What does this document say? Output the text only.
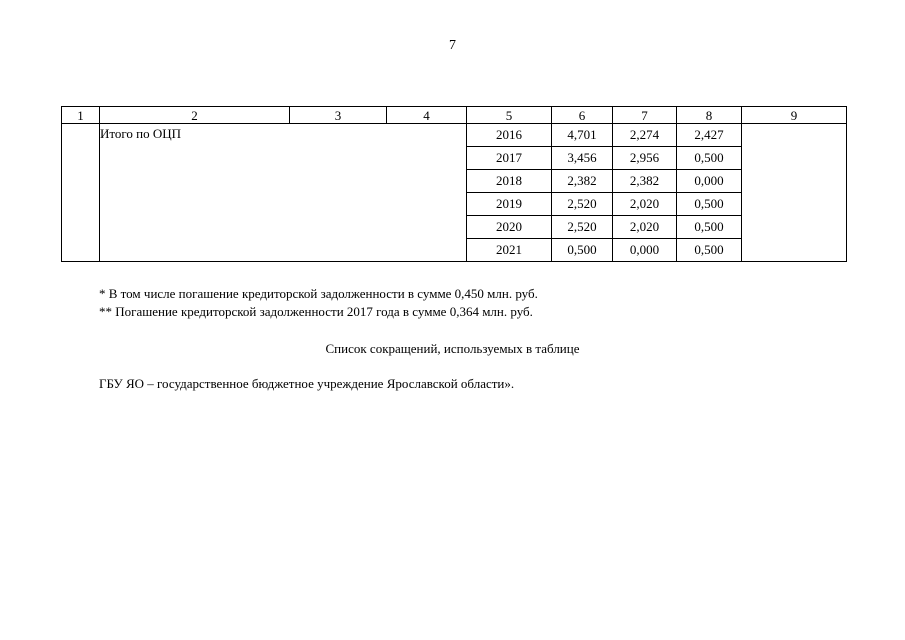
7
1	2	3	4	5	6	7	8	9
	Итого по ОЦП			2016	4,701	2,274	2,427	
				2017	3,456	2,956	0,500	
				2018	2,382	2,382	0,000	
				2019	2,520	2,020	0,500	
				2020	2,520	2,020	0,500	
				2021	0,500	0,000	0,500	
* В том числе погашение кредиторской задолженности в сумме 0,450 млн. руб.
** Погашение кредиторской задолженности 2017 года в сумме 0,364 млн. руб.
Список сокращений, используемых в таблице
ГБУ ЯО – государственное бюджетное учреждение Ярославской области».
